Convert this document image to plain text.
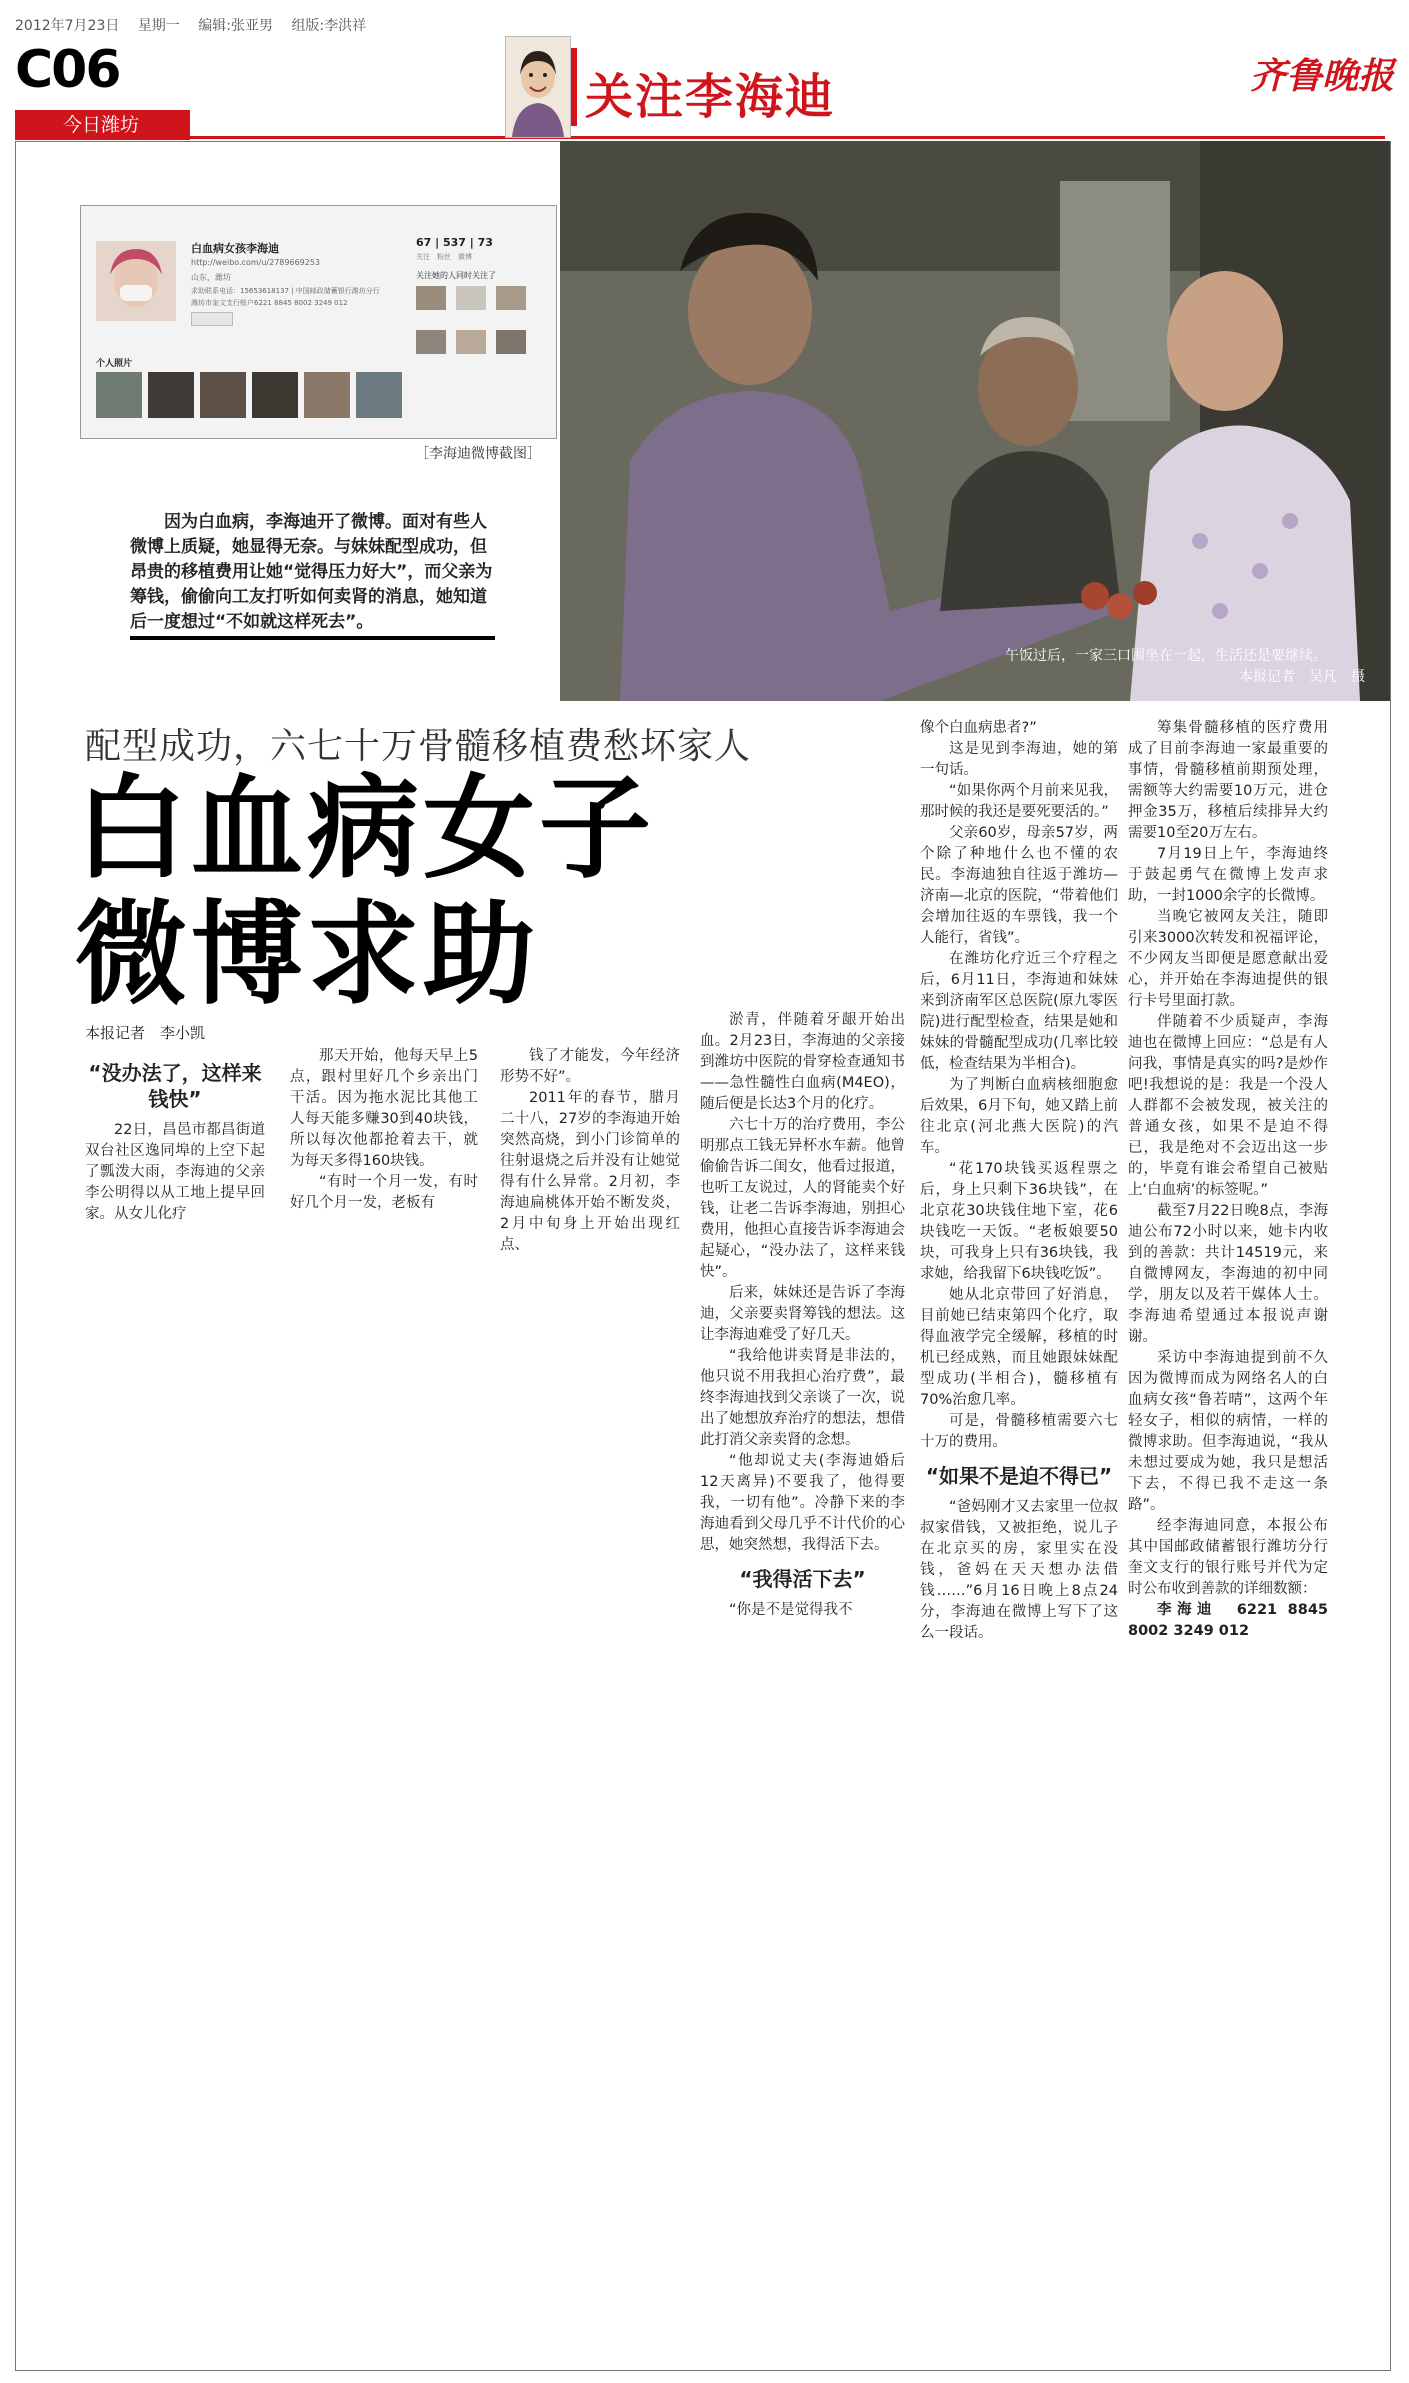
2012年7月23日 星期一 编辑:张亚男 组版:李洪祥
C06
今日潍坊	关注李海迪	齐鲁晚报
午饭过后，一家三口围坐在一起，生活还是要继续。
本报记者　吴凡　摄
白血病女孩李海迪
http://weibo.com/u/2789669253
山东，潍坊
求助联系电话：15653618137 | 中国邮政储蓄银行潍坊分行
潍坊市奎文支行账户6221 8845 8002 3249 012
67 | 537 | 73
关注　粉丝　微博
关注她的人同时关注了
个人照片
［李海迪微博截图］
因为白血病，李海迪开了微博。面对有些人微博上质疑，她显得无奈。与妹妹配型成功，但昂贵的移植费用让她“觉得压力好大”，而父亲为筹钱，偷偷向工友打听如何卖肾的消息，她知道后一度想过“不如就这样死去”。
配型成功，六七十万骨髓移植费愁坏家人
白血病女子
微博求助
本报记者　李小凯
“没办法了，这样来钱快”

22日，昌邑市都昌街道双台社区逸同埠的上空下起了瓢泼大雨，李海迪的父亲李公明得以从工地上提早回家。从女儿化疗

那天开始，他每天早上5点，跟村里好几个乡亲出门干活。因为拖水泥比其他工人每天能多赚30到40块钱，所以每次他都抢着去干，就为每天多得160块钱。

“有时一个月一发，有时好几个月一发，老板有

钱了才能发，今年经济形势不好”。

2011年的春节，腊月二十八，27岁的李海迪开始突然高烧，到小门诊简单的往射退烧之后并没有让她觉得有什么异常。2月初，李海迪扁桃体开始不断发炎，2月中旬身上开始出现红点、

淤青，伴随着牙龈开始出血。2月23日，李海迪的父亲接到潍坊中医院的骨穿检查通知书——急性髓性白血病(M4EO)，随后便是长达3个月的化疗。

六七十万的治疗费用，李公明那点工钱无异杯水车薪。他曾偷偷告诉二闺女，他看过报道，也听工友说过，人的肾能卖个好钱，让老二告诉李海迪，别担心费用，他担心直接告诉李海迪会起疑心，“没办法了，这样来钱快”。

后来，妹妹还是告诉了李海迪，父亲要卖肾筹钱的想法。这让李海迪难受了好几天。

“我给他讲卖肾是非法的，他只说不用我担心治疗费”，最终李海迪找到父亲谈了一次，说出了她想放弃治疗的想法，想借此打消父亲卖肾的念想。

“他却说丈夫(李海迪婚后12天离异)不要我了，他得要我，一切有他”。冷静下来的李海迪看到父母几乎不计代价的心思，她突然想，我得活下去。

“我得活下去”

“你是不是觉得我不

像个白血病患者?”

这是见到李海迪，她的第一句话。

“如果你两个月前来见我，那时候的我还是要死要活的。”

父亲60岁，母亲57岁，两个除了种地什么也不懂的农民。李海迪独自往返于潍坊—济南—北京的医院，“带着他们会增加往返的车票钱，我一个人能行，省钱”。

在潍坊化疗近三个疗程之后，6月11日，李海迪和妹妹来到济南军区总医院(原九零医院)进行配型检查，结果是她和妹妹的骨髓配型成功(几率比较低，检查结果为半相合)。

为了判断白血病核细胞愈后效果，6月下旬，她又踏上前往北京(河北燕大医院)的汽车。

“花170块钱买返程票之后，身上只剩下36块钱”，在北京花30块钱住地下室，花6块钱吃一天饭。“老板娘要50块，可我身上只有36块钱，我求她，给我留下6块钱吃饭”。

她从北京带回了好消息，目前她已结束第四个化疗，取得血液学完全缓解，移植的时机已经成熟，而且她跟妹妹配型成功(半相合)，髓移植有70%治愈几率。

可是，骨髓移植需要六七十万的费用。

“如果不是迫不得已”

“爸妈刚才又去家里一位叔叔家借钱，又被拒绝，说儿子在北京买的房，家里实在没钱，爸妈在天天想办法借钱……”6月16日晚上8点24分，李海迪在微博上写下了这么一段话。

筹集骨髓移植的医疗费用成了目前李海迪一家最重要的事情，骨髓移植前期预处理，需额等大约需要10万元，进仓押金35万，移植后续排异大约需要10至20万左右。

7月19日上午，李海迪终于鼓起勇气在微博上发声求助，一封1000余字的长微博。

当晚它被网友关注，随即引来3000次转发和祝福评论，不少网友当即便是愿意献出爱心，并开始在李海迪提供的银行卡号里面打款。

伴随着不少质疑声，李海迪也在微博上回应：“总是有人问我，事情是真实的吗?是炒作吧!我想说的是：我是一个没人人群都不会被发现，被关注的普通女孩，如果不是迫不得已，我是绝对不会迈出这一步的，毕竟有谁会希望自己被贴上‘白血病’的标签呢。”

截至7月22日晚8点，李海迪公布72小时以来，她卡内收到的善款：共计14519元，来自微博网友，李海迪的初中同学，朋友以及若干媒体人士。李海迪希望通过本报说声谢谢。

采访中李海迪提到前不久因为微博而成为网络名人的白血病女孩“鲁若晴”，这两个年轻女子，相似的病情，一样的微博求助。但李海迪说，“我从未想过要成为她，我只是想活下去，不得已我不走这一条路”。

经李海迪同意，本报公布其中国邮政储蓄银行潍坊分行奎文支行的银行账号并代为定时公布收到善款的详细数额：

李海迪　6221 8845 8002 3249 012
